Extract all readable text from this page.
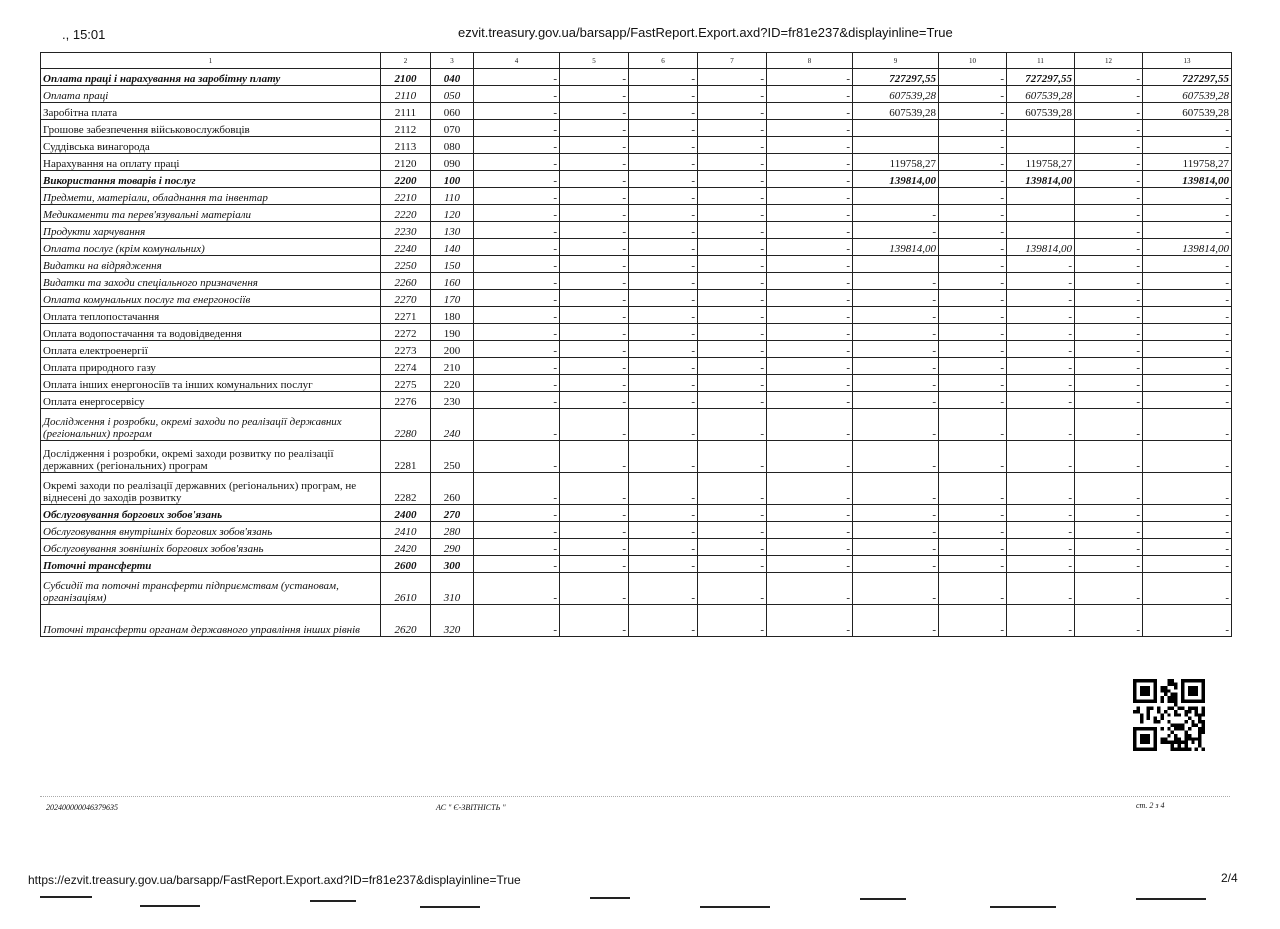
., 15:01	ezvit.treasury.gov.ua/barsapp/FastReport.Export.axd?ID=fr81e237&displayinline=True
1	2	3	4	5	6	7	8	9	10	11	12	13
Оплата праці і нарахування на заробітну плату	2100	040	-	-	-	-	-	727297,55	-	727297,55	-	727297,55
Оплата праці	2110	050	-	-	-	-	-	607539,28	-	607539,28	-	607539,28
Заробітна плата	2111	060	-	-	-	-	-	607539,28	-	607539,28	-	607539,28
Грошове забезпечення військовослужбовців	2112	070	-	-	-	-	-		-		-	-
Суддівська винагорода	2113	080	-	-	-	-	-		-		-	-
Нарахування на оплату праці	2120	090	-	-	-	-	-	119758,27	-	119758,27	-	119758,27
Використання товарів і послуг	2200	100	-	-	-	-	-	139814,00	-	139814,00	-	139814,00
Предмети, матеріали, обладнання та інвентар	2210	110	-	-	-	-	-		-		-	-
Медикаменти та перев'язувальні матеріали	2220	120	-	-	-	-	-	-	-		-	-
Продукти харчування	2230	130	-	-	-	-	-	-	-		-	-
Оплата послуг (крім комунальних)	2240	140	-	-	-	-	-	139814,00	-	139814,00	-	139814,00
Видатки на відрядження	2250	150	-	-	-	-	-		-	-	-	-
Видатки та заходи спеціального призначення	2260	160	-	-	-	-	-	-	-	-	-	-
Оплата комунальних послуг та енергоносіїв	2270	170	-	-	-	-	-	-	-	-	-	-
Оплата теплопостачання	2271	180	-	-	-	-	-	-	-	-	-	-
Оплата водопостачання та водовідведення	2272	190	-	-	-	-	-	-	-	-	-	-
Оплата електроенергії	2273	200	-	-	-	-	-	-	-	-	-	-
Оплата природного газу	2274	210	-	-	-	-	-	-	-	-	-	-
Оплата інших енергоносіїв та інших комунальних послуг	2275	220	-	-	-	-	-	-	-	-	-	-
Оплата енергосервісу	2276	230	-	-	-	-	-	-	-	-	-	-
Дослідження і розробки, окремі заходи по реалізації державних (регіональних) програм	2280	240	-	-	-	-	-	-	-	-	-	-
Дослідження і розробки, окремі заходи розвитку по реалізації державних (регіональних) програм	2281	250	-	-	-	-	-	-	-	-	-	-
Окремі заходи по реалізації державних (регіональних) програм, не віднесені до заходів розвитку	2282	260	-	-	-	-	-	-	-	-	-	-
Обслуговування боргових зобов'язань	2400	270	-	-	-	-	-	-	-	-	-	-
Обслуговування внутрішніх боргових зобов'язань	2410	280	-	-	-	-	-	-	-	-	-	-
Обслуговування зовнішніх боргових зобов'язань	2420	290	-	-	-	-	-	-	-	-	-	-
Поточні трансферти	2600	300	-	-	-	-	-	-	-	-	-	-
Субсидії та поточні трансферти підприємствам (установам, організаціям)	2610	310	-	-	-	-	-	-	-	-	-	-
Поточні трансферти органам державного управління інших рівнів	2620	320	-	-	-	-	-	-	-	-	-	-
2024000000463796З5	АС " Є-ЗВІТНІСТЬ "	ст. 2 з 4
https://ezvit.treasury.gov.ua/barsapp/FastReport.Export.axd?ID=fr81e237&displayinline=True	2/4
